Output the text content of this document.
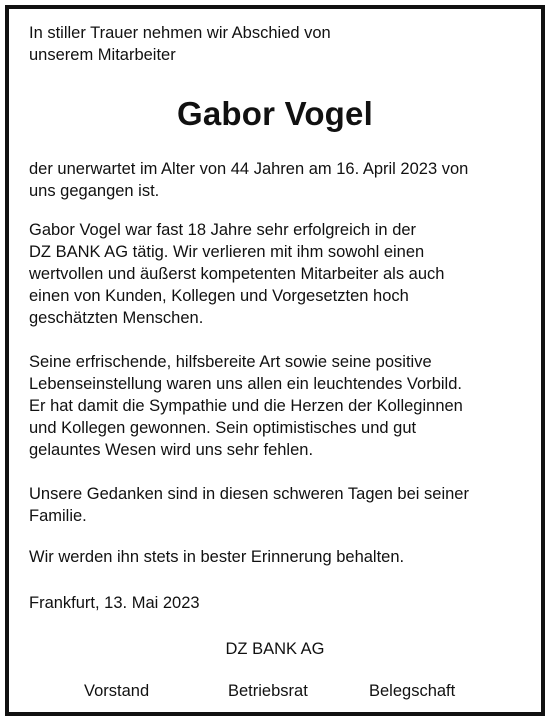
In stiller Trauer nehmen wir Abschied von
unserem Mitarbeiter

Gabor Vogel

der unerwartet im Alter von 44 Jahren am 16. April 2023 von
uns gegangen ist.

Gabor Vogel war fast 18 Jahre sehr erfolgreich in der
DZ BANK AG tätig. Wir verlieren mit ihm sowohl einen
wertvollen und äußerst kompetenten Mitarbeiter als auch
einen von Kunden, Kollegen und Vorgesetzten hoch
geschätzten Menschen.

Seine erfrischende, hilfsbereite Art sowie seine positive
Lebenseinstellung waren uns allen ein leuchtendes Vorbild.
Er hat damit die Sympathie und die Herzen der Kolleginnen
und Kollegen gewonnen. Sein optimistisches und gut
gelauntes Wesen wird uns sehr fehlen.

Unsere Gedanken sind in diesen schweren Tagen bei seiner
Familie.

Wir werden ihn stets in bester Erinnerung behalten.

Frankfurt, 13. Mai 2023

DZ BANK AG
Vorstand	Betriebsrat	Belegschaft
